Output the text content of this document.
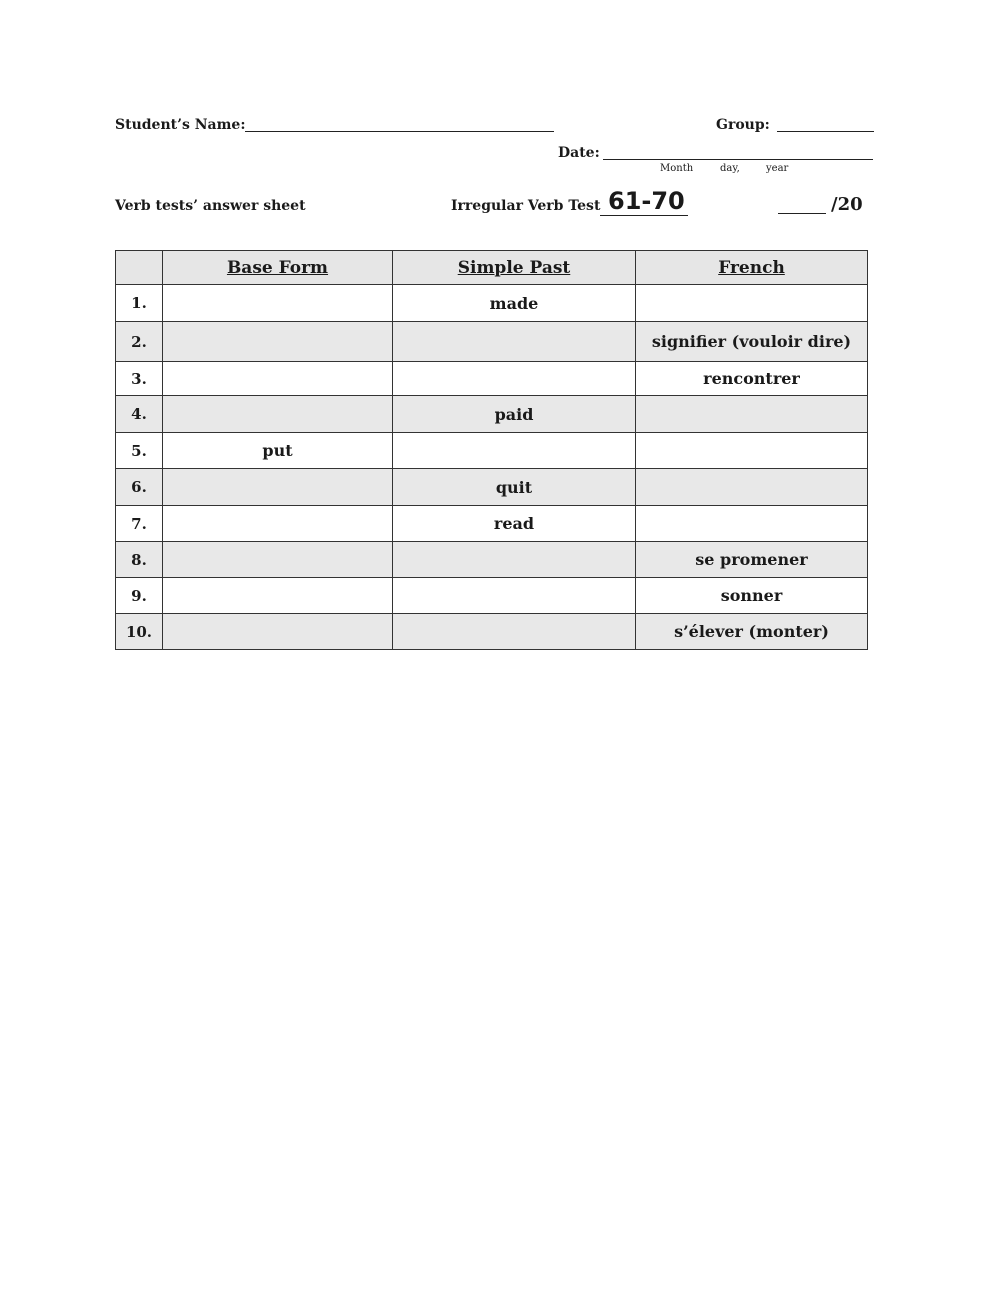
Student’s Name:	Group:
Date:
Month	day,	year
Verb tests’ answer sheet	Irregular Verb Test 61-70	/20
	Base Form	Simple Past	French
1.		made	
2.			signifier (vouloir dire)
3.			rencontrer
4.		paid	
5.	put		
6.		quit	
7.		read	
8.			se promener
9.			sonner
10.			s’élever (monter)
